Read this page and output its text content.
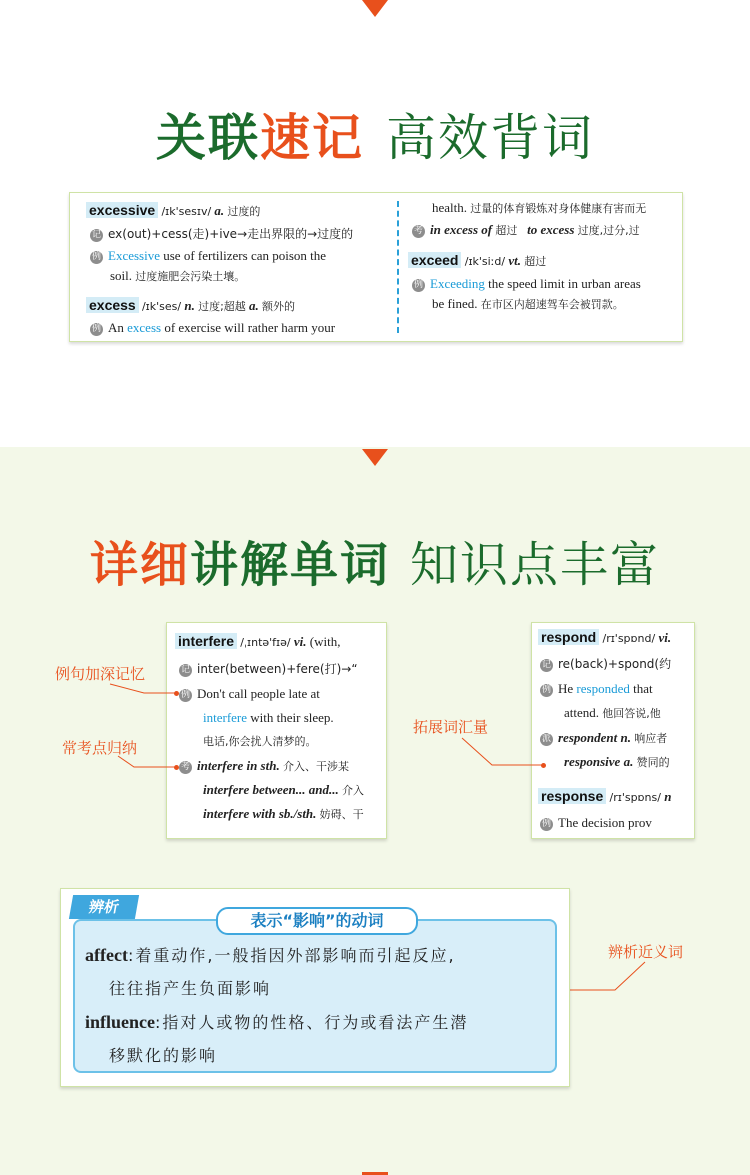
关联速记 高效背词
excessive /ɪk'sesɪv/ a. 过度的
记 ex(out)+cess(走)+ive→走出界限的→过度的
例 Excessive use of fertilizers can poison the
soil. 过度施肥会污染土壤。
excess /ɪk'ses/ n. 过度;超越 a. 额外的
例 An excess of exercise will rather harm your
health. 过量的体育锻炼对身体健康有害而无
考 in excess of 超过 to excess 过度,过分,过
exceed /ɪk'siːd/ vt. 超过
例 Exceeding the speed limit in urban areas
be fined. 在市区内超速驾车会被罚款。
详细讲解单词 知识点丰富
interfere /ˌɪntə'fɪə/ vi. (with,
记 inter(between)+fere(打)→“
例 Don't call people late at
interfere with their sleep.
电话,你会扰人清梦的。
考 interfere in sth. 介入、干涉某
interfere between... and... 介入
interfere with sb./sth. 妨碍、干
respond /rɪ'spɒnd/ vi.
记 re(back)+spond(约
例 He responded that
attend. 他回答说,他
派 respondent n. 响应者
responsive a. 赞同的
response /rɪ'spɒns/ n
例 The decision prov
例句加深记忆
常考点归纳
拓展词汇量
辨析近义词
affect:着重动作,一般指因外部影响而引起反应,
往往指产生负面影响
influence:指对人或物的性格、行为或看法产生潜
移默化的影响
辨析
表示“影响”的动词
